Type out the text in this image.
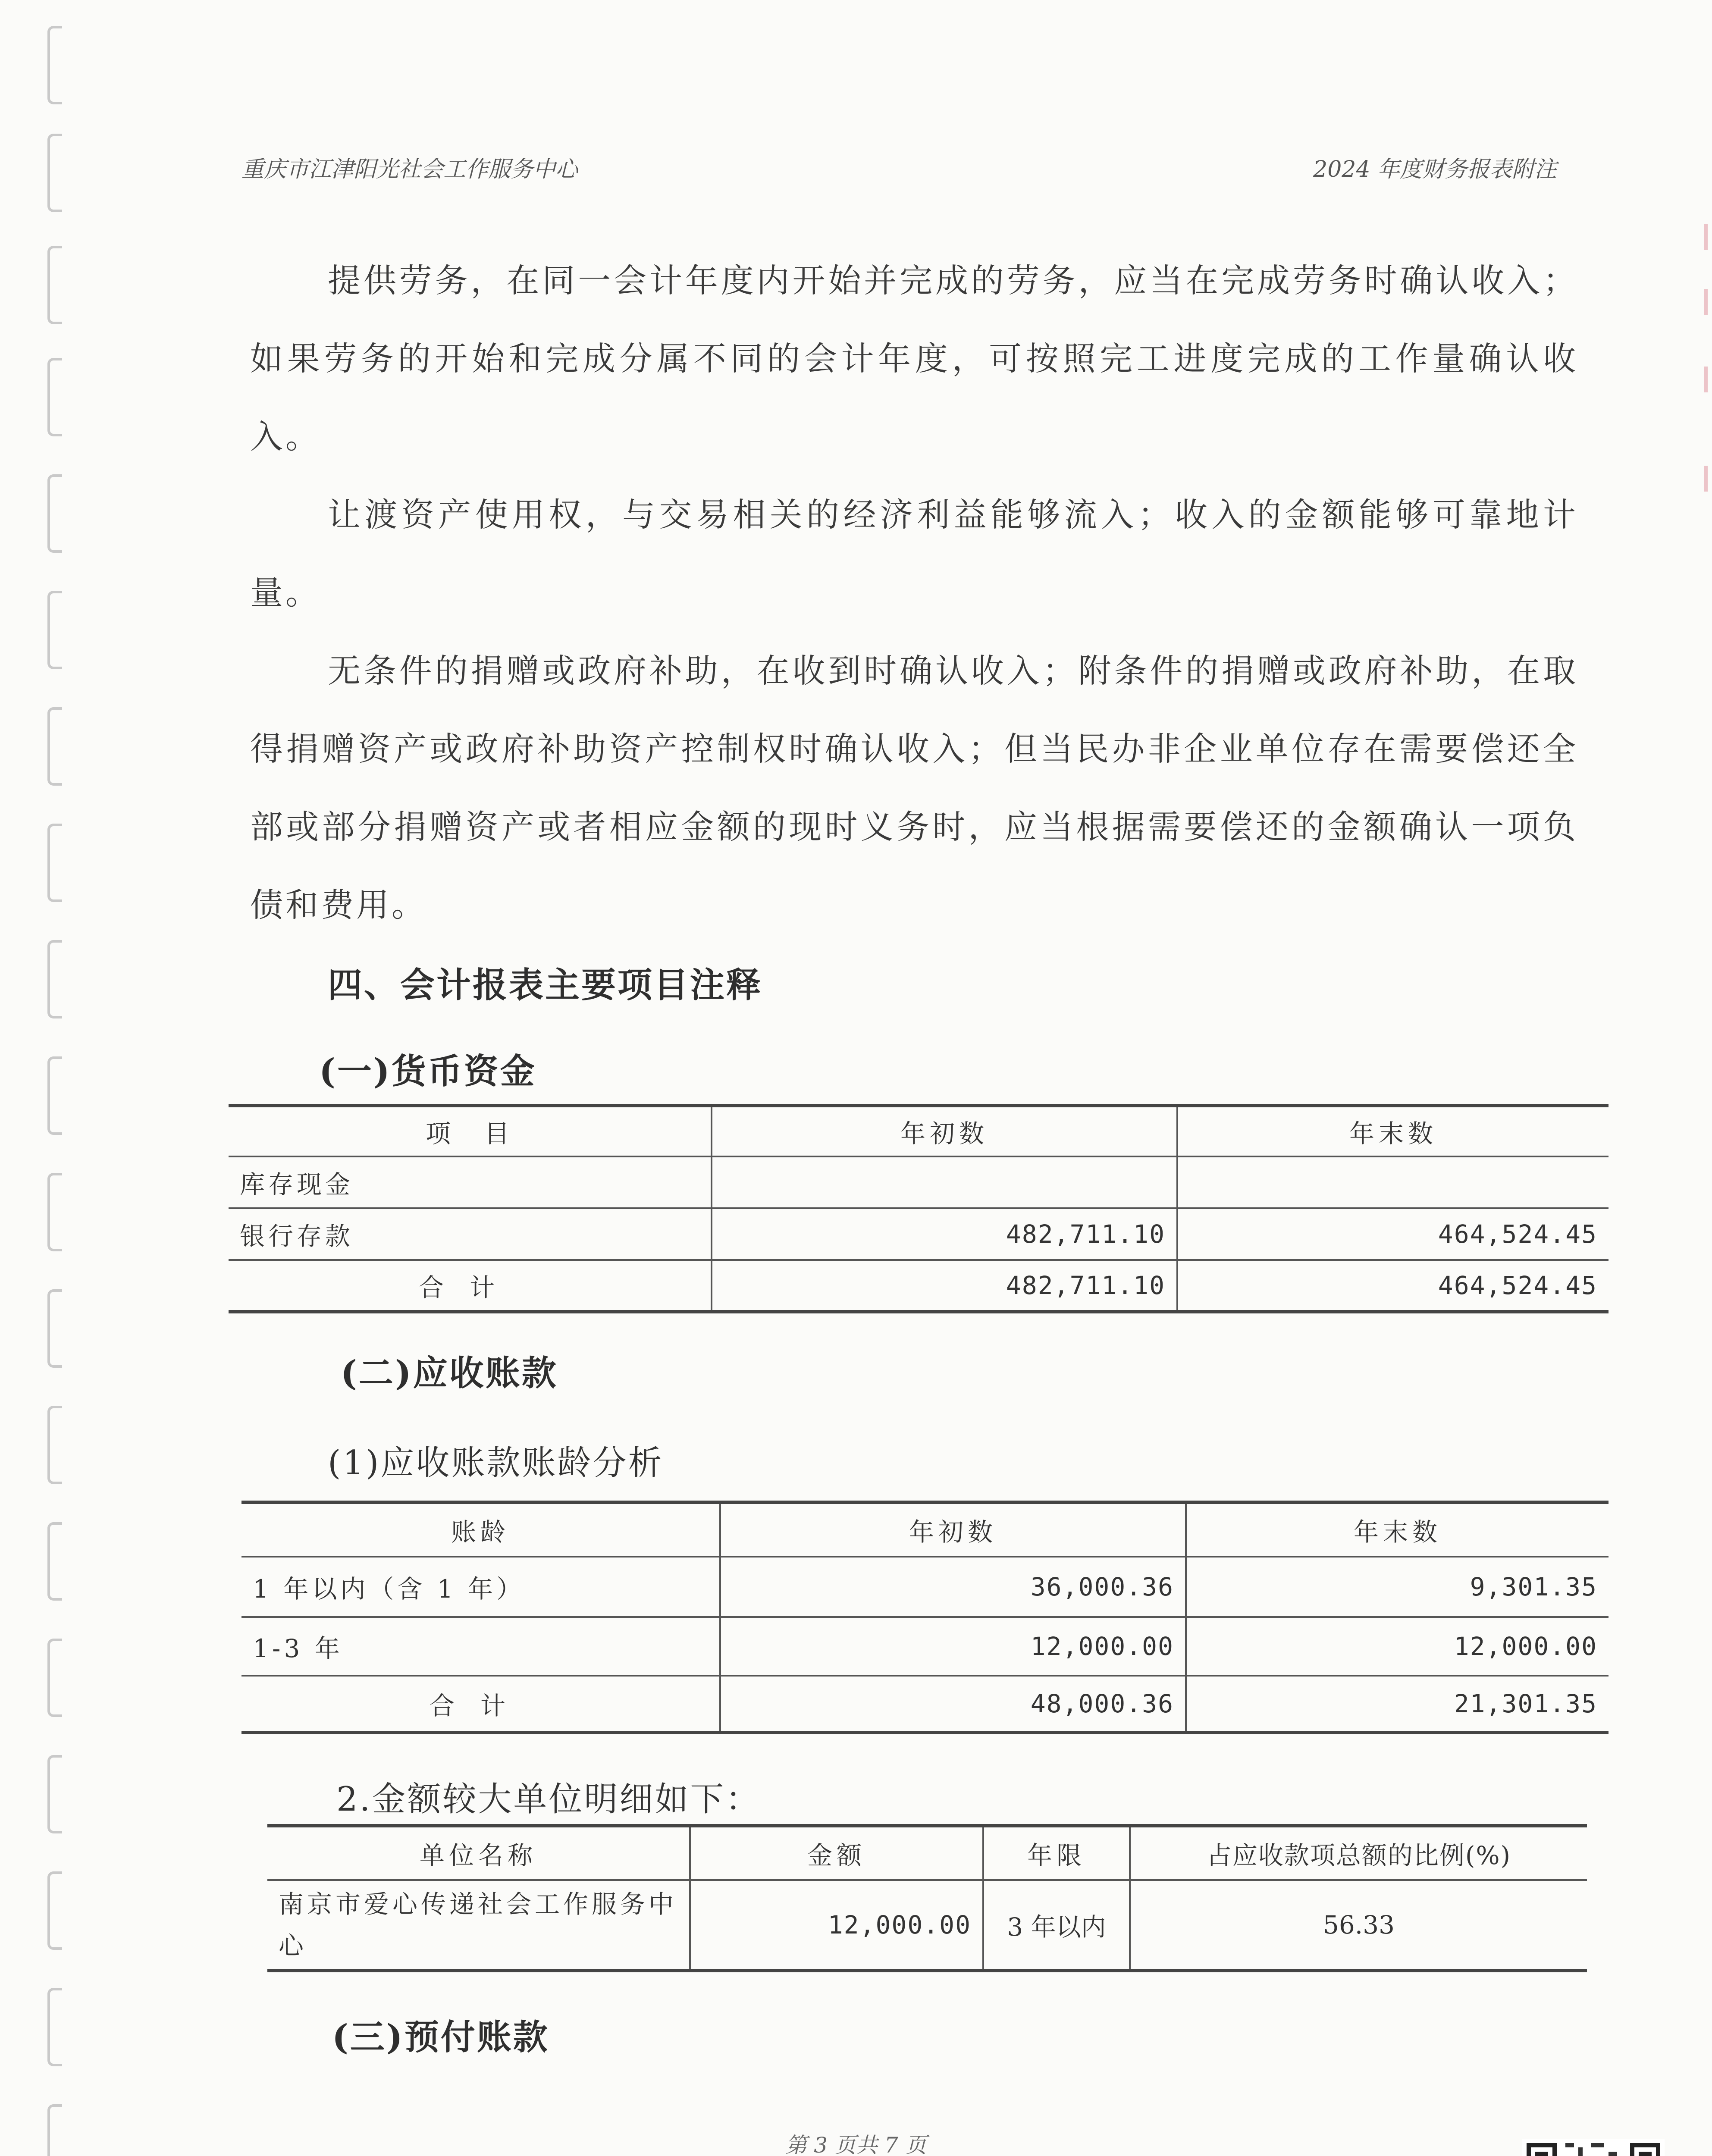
重庆市江津阳光社会工作服务中心	2024 年度财务报表附注

提供劳务，在同一会计年度内开始并完成的劳务，应当在完成劳务时确认收入；如果劳务的开始和完成分属不同的会计年度，可按照完工进度完成的工作量确认收入。

让渡资产使用权，与交易相关的经济利益能够流入；收入的金额能够可靠地计量。

无条件的捐赠或政府补助，在收到时确认收入；附条件的捐赠或政府补助，在取得捐赠资产或政府补助资产控制权时确认收入；但当民办非企业单位存在需要偿还全部或部分捐赠资产或者相应金额的现时义务时，应当根据需要偿还的金额确认一项负债和费用。

四、会计报表主要项目注释
(一)货币资金
项　目	年初数	年末数
库存现金		
银行存款	482,711.10	464,524.45
合计	482,711.10	464,524.45
(二)应收账款
(1)应收账款账龄分析
账龄	年初数	年末数
1 年以内（含 1 年）	36,000.36	9,301.35
1-3 年	12,000.00	12,000.00
合计	48,000.36	21,301.35
2.金额较大单位明细如下：
单位名称	金额	年限	占应收款项总额的比例(%)
南京市爱心传递社会工作服务中心	12,000.00	3 年以内	56.33
(三)预付账款
第 3 页共 7 页
